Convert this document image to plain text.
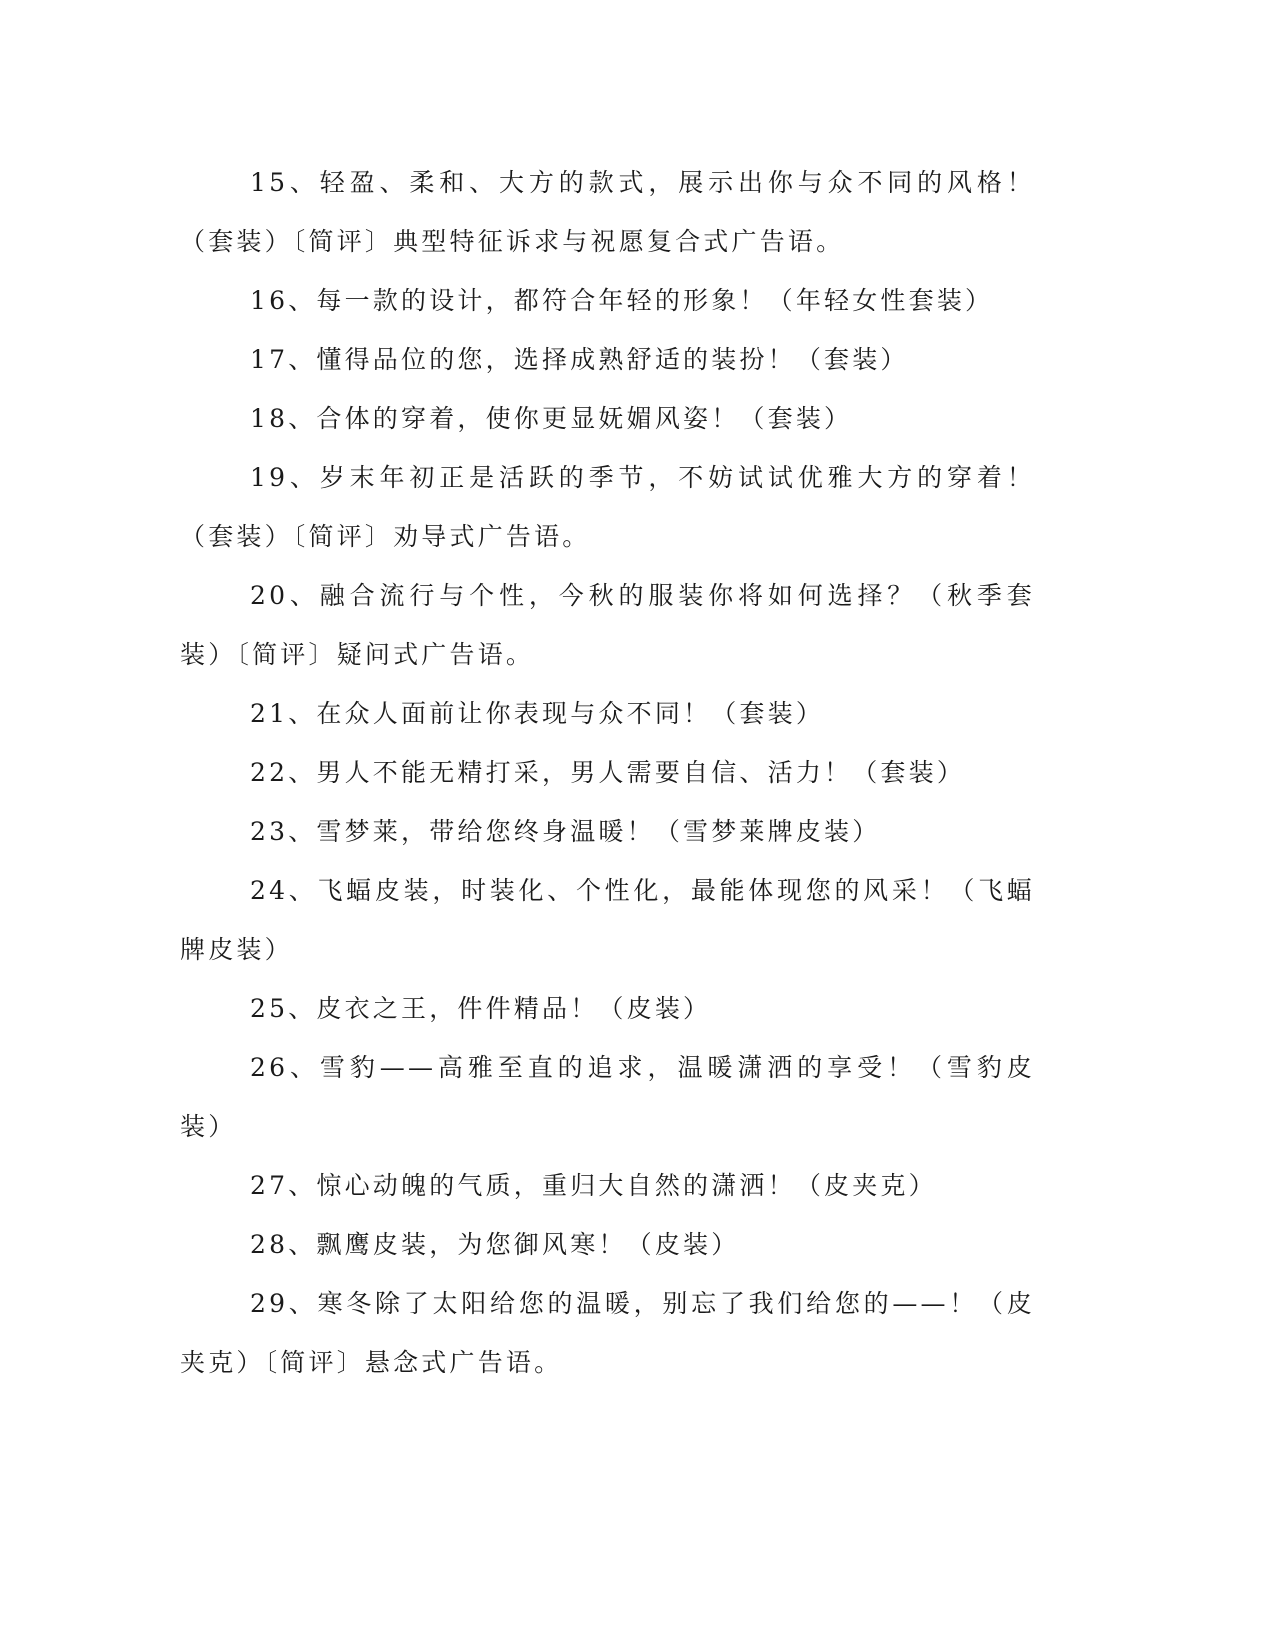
15、轻盈、柔和、大方的款式，展示出你与众不同的风格！（套装）〔简评〕典型特征诉求与祝愿复合式广告语。

16、每一款的设计，都符合年轻的形象！（年轻女性套装）

17、懂得品位的您，选择成熟舒适的装扮！（套装）

18、合体的穿着，使你更显妩媚风姿！（套装）

19、岁末年初正是活跃的季节，不妨试试优雅大方的穿着！（套装）〔简评〕劝导式广告语。

20、融合流行与个性，今秋的服装你将如何选择？（秋季套装）〔简评〕疑问式广告语。

21、在众人面前让你表现与众不同！（套装）

22、男人不能无精打采，男人需要自信、活力！（套装）

23、雪梦莱，带给您终身温暖！（雪梦莱牌皮装）

24、飞蝠皮装，时装化、个性化，最能体现您的风采！（飞蝠牌皮装）

25、皮衣之王，件件精品！（皮装）

26、雪豹——高雅至直的追求，温暖潇洒的享受！（雪豹皮装）

27、惊心动魄的气质，重归大自然的潇洒！（皮夹克）

28、飘鹰皮装，为您御风寒！（皮装）

29、寒冬除了太阳给您的温暖，别忘了我们给您的——！（皮夹克）〔简评〕悬念式广告语。
